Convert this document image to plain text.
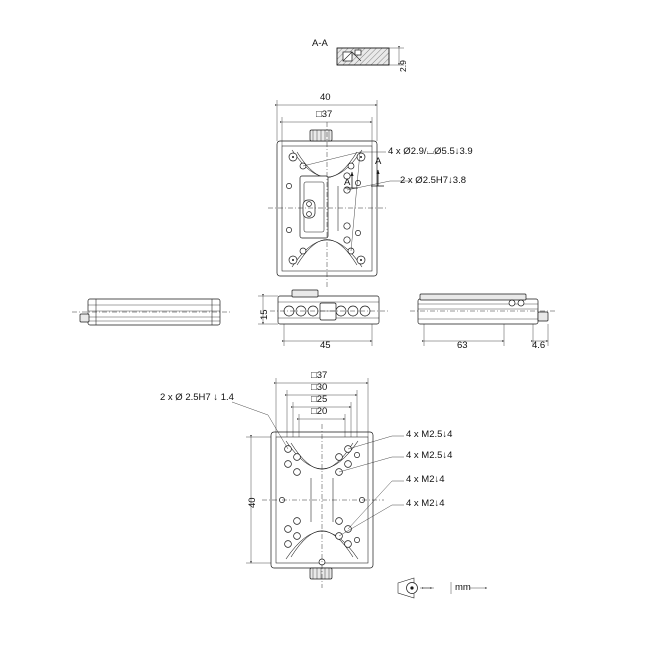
A-A
2.9
40
□37
4 x Ø2.9/⌴Ø5.5↓3.9
2 x Ø2.5H7↓3.8
A
A
15
45	63	4.6
2 x Ø 2.5H7 ↓ 1.4
□37
□30
□25
□20
40
4 x M2.5↓4
4 x M2.5↓4
4 x M2↓4
4 x M2↓4
mm
